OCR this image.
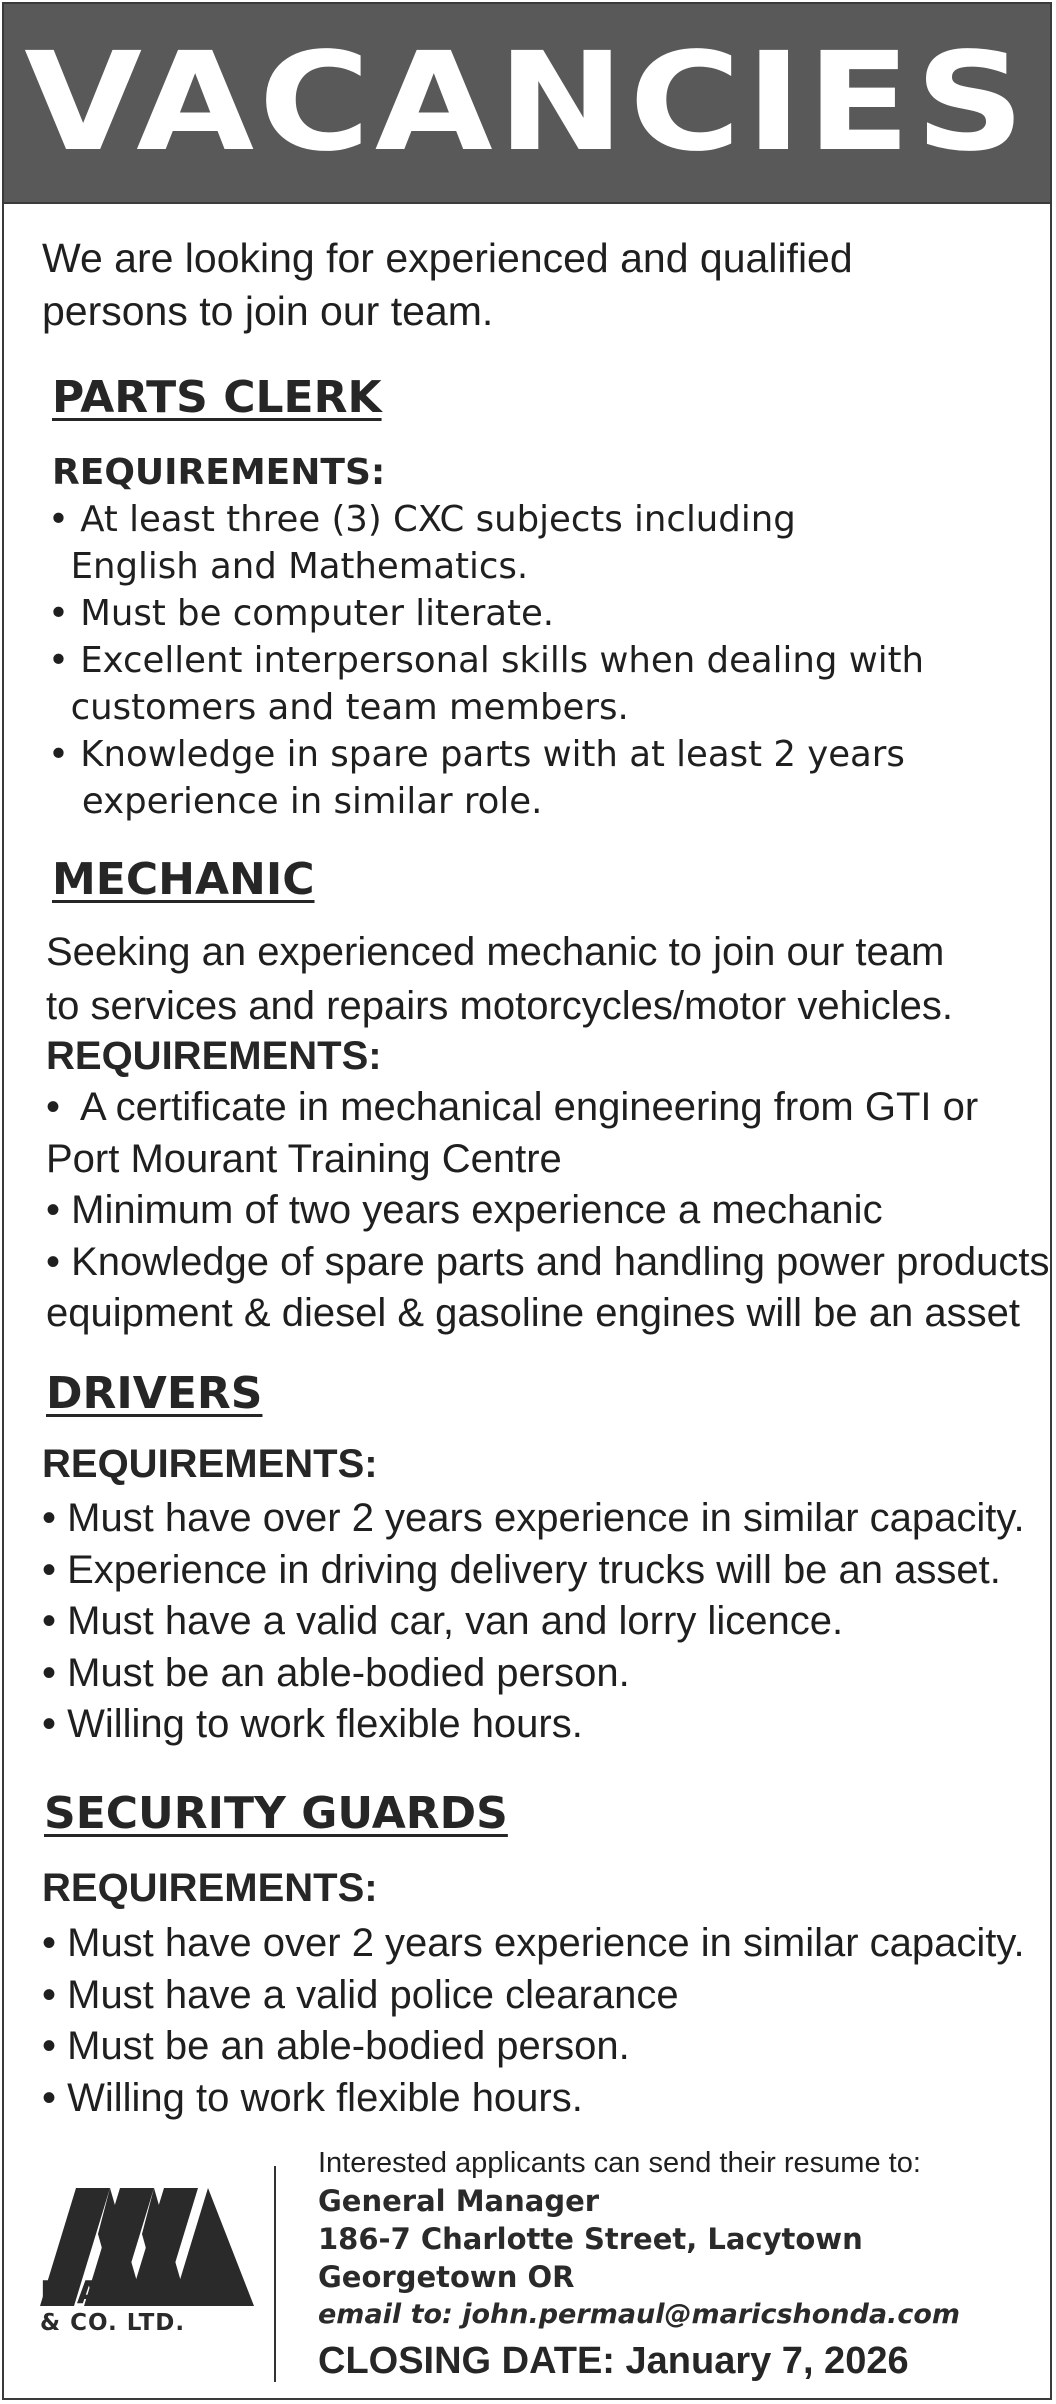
VACANCIES
We are looking for experienced and qualified persons to join our team.
PARTS CLERK
REQUIREMENTS:
• At least three (3) CXC subjects including
English and Mathematics.
• Must be computer literate.
• Excellent interpersonal skills when dealing with
customers and team members.
• Knowledge in spare parts with at least 2 years
experience in similar role.
MECHANIC
Seeking an experienced mechanic to join our team
to services and repairs motorcycles/motor vehicles.
REQUIREMENTS:
•  A certificate in mechanical engineering from GTI or
Port Mourant Training Centre
• Minimum of two years experience a mechanic
• Knowledge of spare parts and handling power products
equipment & diesel & gasoline engines will be an asset
DRIVERS
REQUIREMENTS:
• Must have over 2 years experience in similar capacity.
• Experience in driving delivery trucks will be an asset.
• Must have a valid car, van and lorry licence.
• Must be an able-bodied person.
• Willing to work flexible hours.
SECURITY GUARDS
REQUIREMENTS:
• Must have over 2 years experience in similar capacity.
• Must have a valid police clearance
• Must be an able-bodied person.
• Willing to work flexible hours.
MARICS
& CO. LTD.
Interested applicants can send their resume to:
General Manager
186-7 Charlotte Street, Lacytown
Georgetown OR
email to: john.permaul@maricshonda.com
CLOSING DATE: January 7, 2026
